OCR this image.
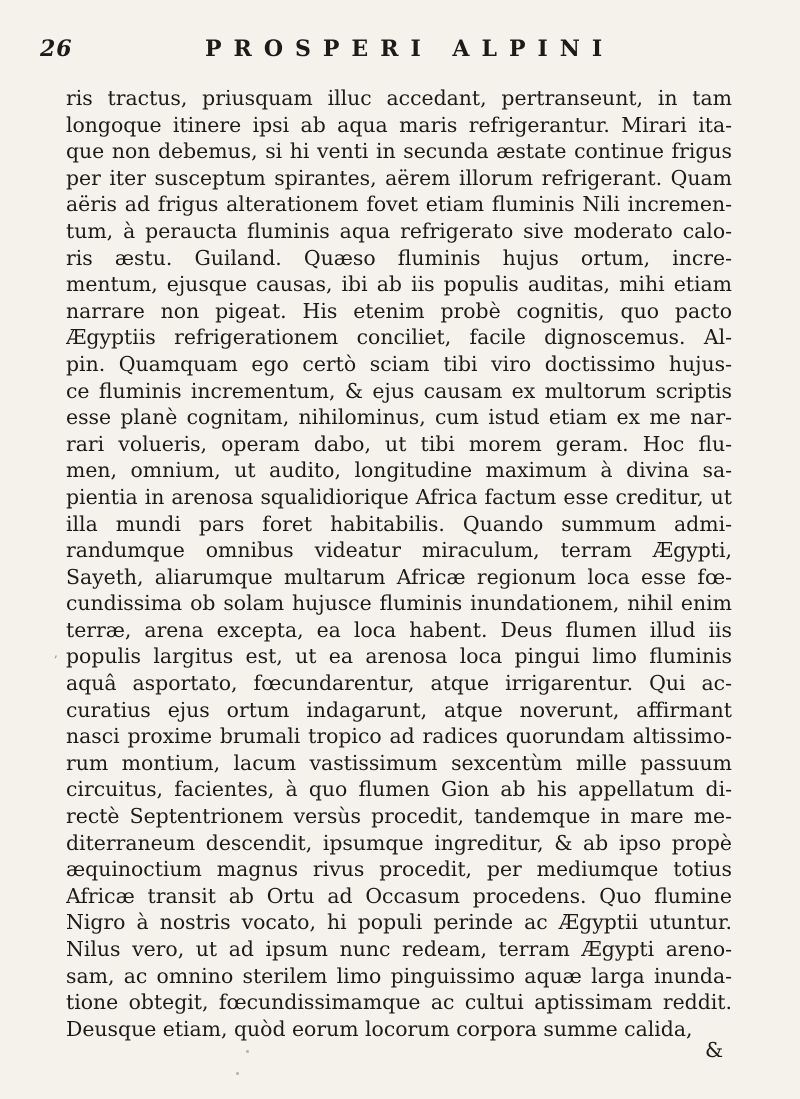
26	PROSPERI ALPINI
ris tractus, priusquam illuc accedant, pertranseunt, in tam
longoque itinere ipsi ab aqua maris refrigerantur. Mirari ita-
que non debemus, si hi venti in secunda æstate continue frigus
per iter susceptum spirantes, aërem illorum refrigerant. Quam
aëris ad frigus alterationem fovet etiam fluminis Nili incremen-
tum, à peraucta fluminis aqua refrigerato sive moderato calo-
ris æstu. Guiland. Quæso fluminis hujus ortum, incre-
mentum, ejusque causas, ibi ab iis populis auditas, mihi etiam
narrare non pigeat. His etenim probè cognitis, quo pacto
Ægyptiis refrigerationem conciliet, facile dignoscemus. Al-
pin. Quamquam ego certò sciam tibi viro doctissimo hujus-
ce fluminis incrementum, & ejus causam ex multorum scriptis
esse planè cognitam, nihilominus, cum istud etiam ex me nar-
rari volueris, operam dabo, ut tibi morem geram. Hoc flu-
men, omnium, ut audito, longitudine maximum à divina sa-
pientia in arenosa squalidiorique Africa factum esse creditur, ut
illa mundi pars foret habitabilis. Quando summum admi-
randumque omnibus videatur miraculum, terram Ægypti,
Sayeth, aliarumque multarum Africæ regionum loca esse fœ-
cundissima ob solam hujusce fluminis inundationem, nihil enim
terræ, arena excepta, ea loca habent. Deus flumen illud iis
populis largitus est, ut ea arenosa loca pingui limo fluminis
aquâ asportato, fœcundarentur, atque irrigarentur. Qui ac-
curatius ejus ortum indagarunt, atque noverunt, affirmant
nasci proxime brumali tropico ad radices quorundam altissimo-
rum montium, lacum vastissimum sexcentùm mille passuum
circuitus, facientes, à quo flumen Gion ab his appellatum di-
rectè Septentrionem versùs procedit, tandemque in mare me-
diterraneum descendit, ipsumque ingreditur, & ab ipso propè
æquinoctium magnus rivus procedit, per mediumque totius
Africæ transit ab Ortu ad Occasum procedens. Quo flumine
Nigro à nostris vocato, hi populi perinde ac Ægyptii utuntur.
Nilus vero, ut ad ipsum nunc redeam, terram Ægypti areno-
sam, ac omnino sterilem limo pinguissimo aquæ larga inunda-
tione obtegit, fœcundissimamque ac cultui aptissimam reddit.
Deusque etiam, quòd eorum locorum corpora summe calida,
,
&
